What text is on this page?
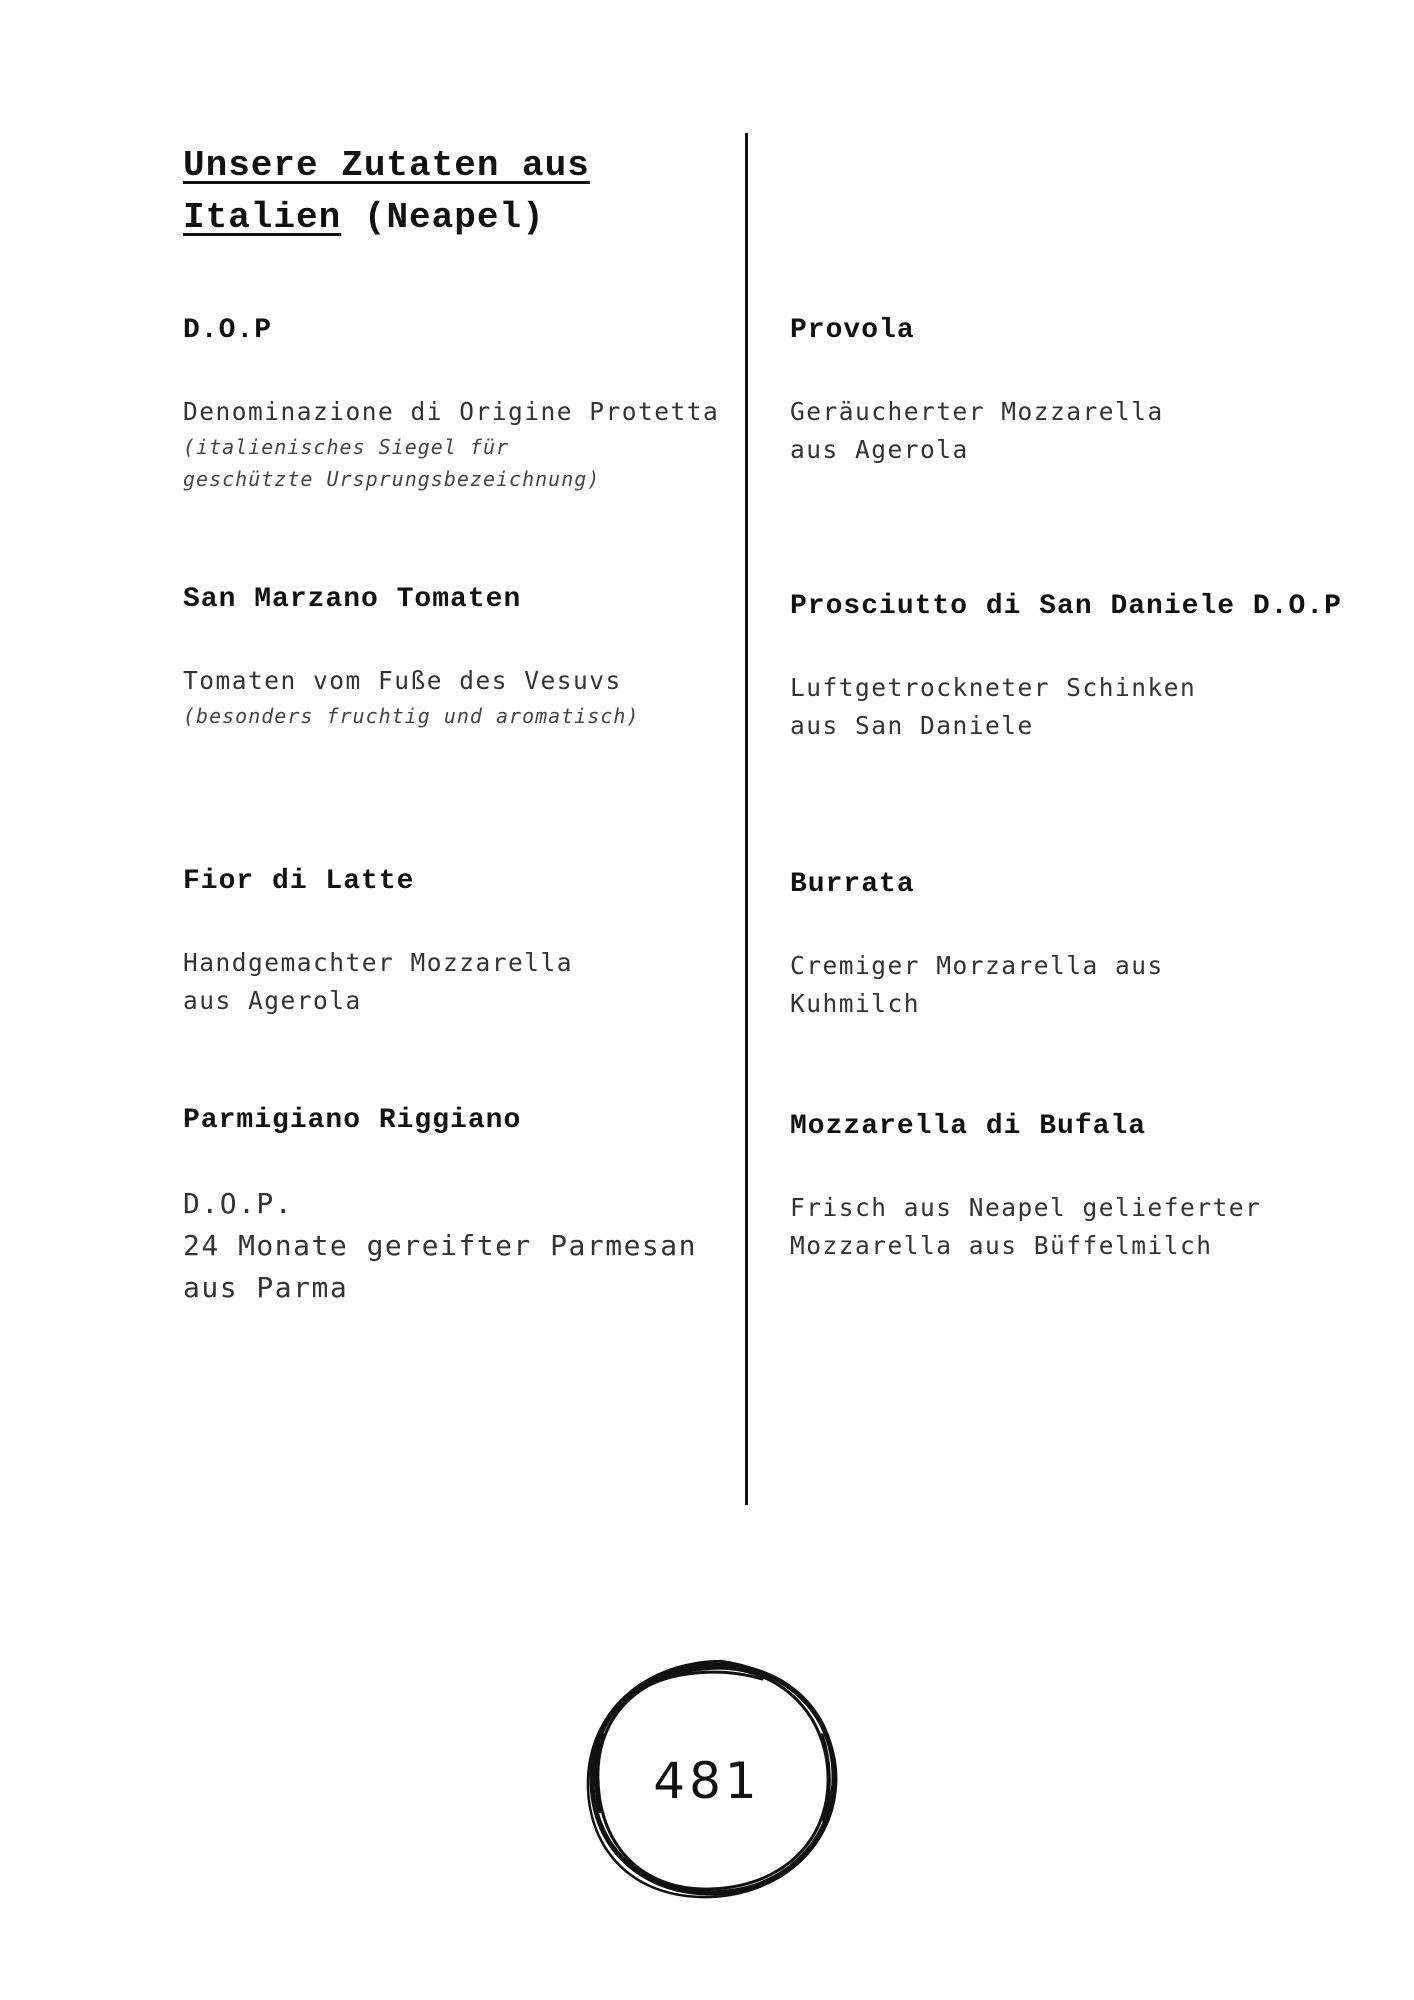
Unsere Zutaten aus
Italien (Neapel)
D.O.P
Denominazione di Origine Protetta
(italienisches Siegel für
geschützte Ursprungsbezeichnung)
San Marzano Tomaten
Tomaten vom Fuße des Vesuvs
(besonders fruchtig und aromatisch)
Fior di Latte
Handgemachter Mozzarella
aus Agerola
Parmigiano Riggiano
D.O.P.
24 Monate gereifter Parmesan
aus Parma
Provola
Geräucherter Mozzarella
aus Agerola
Prosciutto di San Daniele D.O.P
Luftgetrockneter Schinken
aus San Daniele
Burrata
Cremiger Morzarella aus
Kuhmilch
Mozzarella di Bufala
Frisch aus Neapel gelieferter
Mozzarella aus Büffelmilch
481
